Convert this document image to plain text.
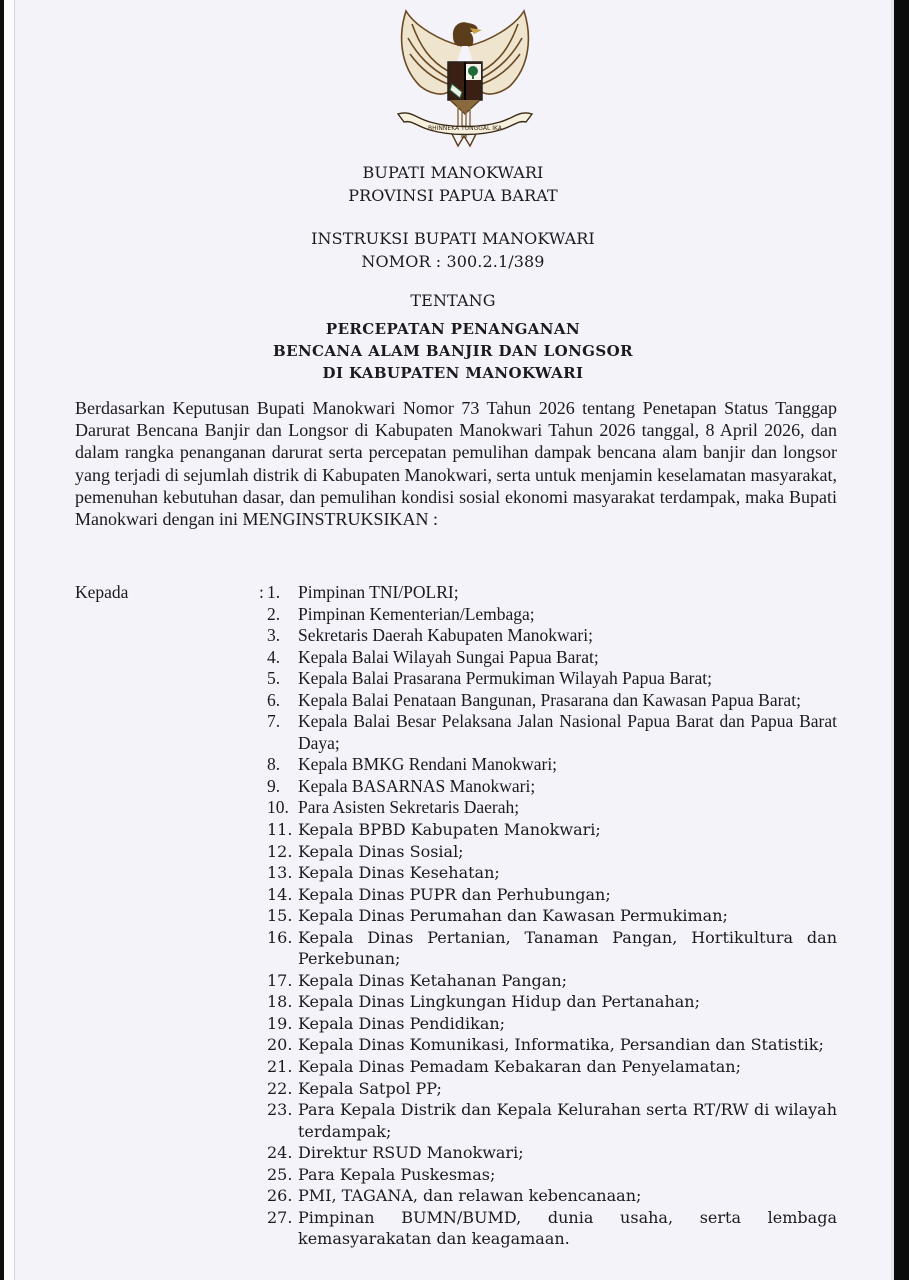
BHINNEKA TUNGGAL IKA
BUPATI MANOKWARI
PROVINSI PAPUA BARAT
INSTRUKSI BUPATI MANOKWARI
NOMOR : 300.2.1/389
TENTANG
PERCEPATAN PENANGANAN
BENCANA ALAM BANJIR DAN LONGSOR
DI KABUPATEN MANOKWARI

Berdasarkan Keputusan Bupati Manokwari Nomor 73 Tahun 2026 tentang Penetapan Status Tanggap Darurat Bencana Banjir dan Longsor di Kabupaten Manokwari Tahun 2026 tanggal, 8 April 2026, dan dalam rangka penanganan darurat serta percepatan pemulihan dampak bencana alam banjir dan longsor yang terjadi di sejumlah distrik di Kabupaten Manokwari, serta untuk menjamin keselamatan masyarakat, pemenuhan kebutuhan dasar, dan pemulihan kondisi sosial ekonomi masyarakat terdampak, maka Bupati Manokwari dengan ini MENGINSTRUKSIKAN :

Kepada	: 1.	Pimpinan TNI/POLRI;
2.	Pimpinan Kementerian/Lembaga;
3.	Sekretaris Daerah Kabupaten Manokwari;
4.	Kepala Balai Wilayah Sungai Papua Barat;
5.	Kepala Balai Prasarana Permukiman Wilayah Papua Barat;
6.	Kepala Balai Penataan Bangunan, Prasarana dan Kawasan Papua Barat;
7.	Kepala Balai Besar Pelaksana Jalan Nasional Papua Barat dan Papua Barat Daya;
8.	Kepala BMKG Rendani Manokwari;
9.	Kepala BASARNAS Manokwari;
10. Para Asisten Sekretaris Daerah;
11. Kepala BPBD Kabupaten Manokwari;
12. Kepala Dinas Sosial;
13. Kepala Dinas Kesehatan;
14. Kepala Dinas PUPR dan Perhubungan;
15. Kepala Dinas Perumahan dan Kawasan Permukiman;
16. Kepala Dinas Pertanian, Tanaman Pangan, Hortikultura dan Perkebunan;
17. Kepala Dinas Ketahanan Pangan;
18. Kepala Dinas Lingkungan Hidup dan Pertanahan;
19. Kepala Dinas Pendidikan;
20. Kepala Dinas Komunikasi, Informatika, Persandian dan Statistik;
21. Kepala Dinas Pemadam Kebakaran dan Penyelamatan;
22. Kepala Satpol PP;
23. Para Kepala Distrik dan Kepala Kelurahan serta RT/RW di wilayah terdampak;
24. Direktur RSUD Manokwari;
25. Para Kepala Puskesmas;
26. PMI, TAGANA, dan relawan kebencanaan;
27. Pimpinan BUMN/BUMD, dunia usaha, serta lembaga kemasyarakatan dan keagamaan.
